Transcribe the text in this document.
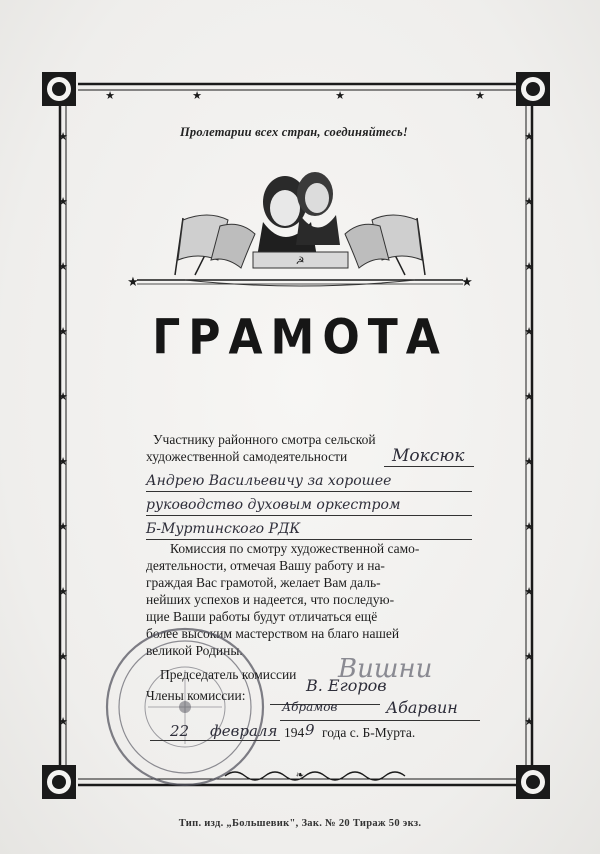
★	★
★	★
★
★
★
★
★
★
★
★
★
★
★
★
★
★
★
★
★
★
★
★
❧
Пролетарии всех стран, соединяйтесь!
☭
★	★
ГРАМОТА
Участнику районного смотра сельской
художественной самодеятельности	Моксюк
Андрею Васильевичу за хорошее
руководство духовым оркестром
Б-Муртинского РДК
Комиссия по смотру художественной само-
деятельности, отмечая Вашу работу и на-
граждая Вас грамотой, желает Вам даль-
нейших успехов и надеется, что последую-
щие Ваши работы будут отличаться ещё
более высоким мастерством на благо нашей
великой Родины.
Председатель комиссии Вишни
Члены комиссии:
В. Егоров
Абрамов	Абарвин
22 февраля 194 9 года с. Б-Мурта.
Тип. изд. „Большевик", Зак. № 20 Тираж 50 экз.
